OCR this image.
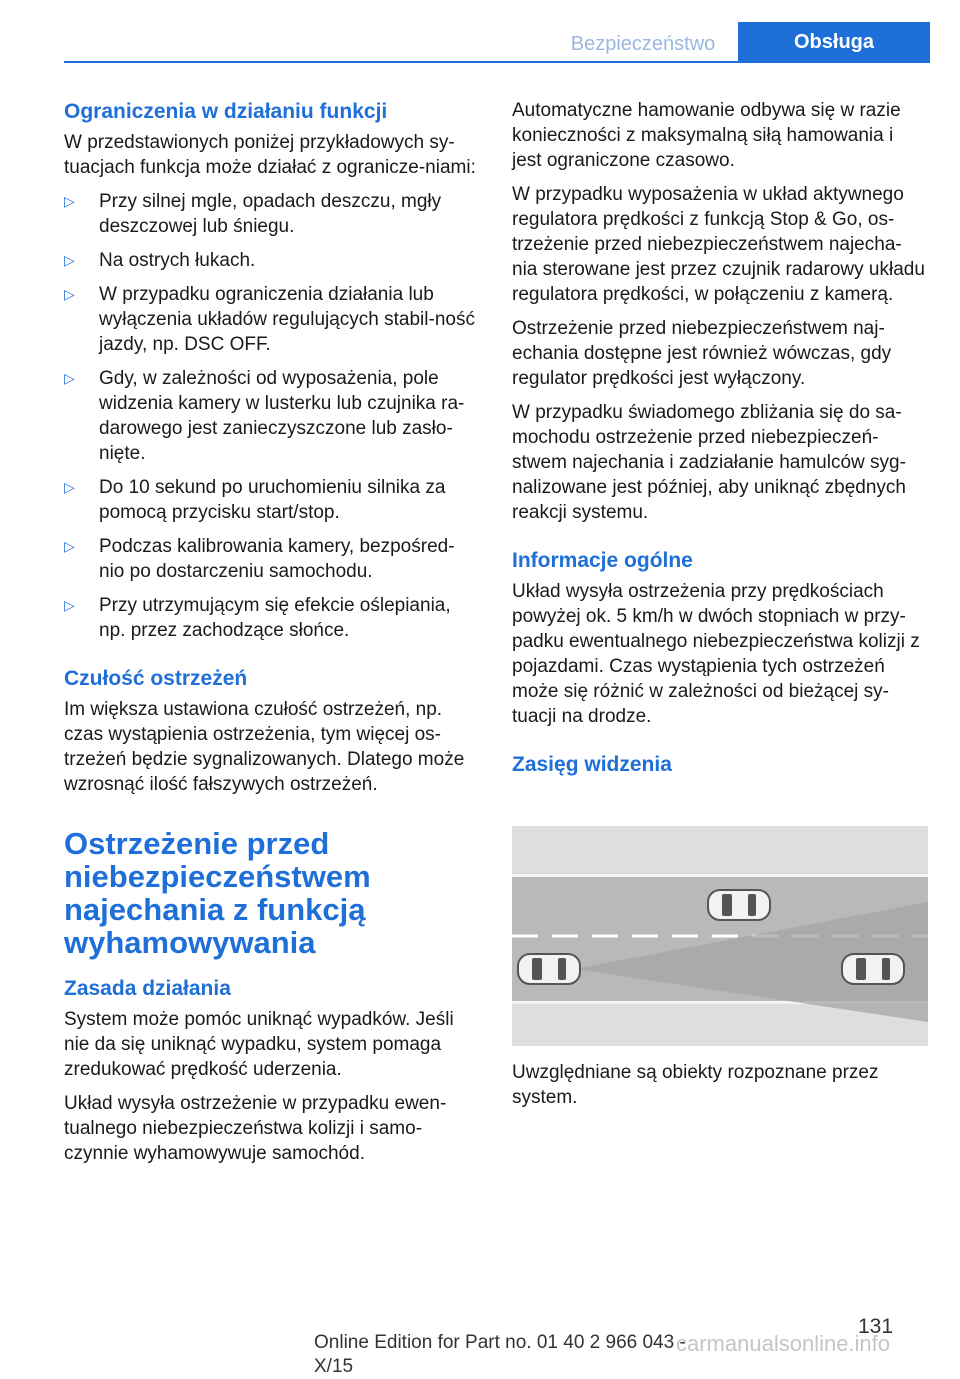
Bezpieczeństwo	Obsługa
Ograniczenia w działaniu funkcji

W przedstawionych poniżej przykładowych sy-tuacjach funkcja może działać z ogranicze-niami:

▷ Przy silnej mgle, opadach deszczu, mgły deszczowej lub śniegu.
▷ Na ostrych łukach.
▷ W przypadku ograniczenia działania lub wyłączenia układów regulujących stabil-ność jazdy, np. DSC OFF.
▷ Gdy, w zależności od wyposażenia, pole widzenia kamery w lusterku lub czujnika ra-darowego jest zanieczyszczone lub zasło-nięte.
▷ Do 10 sekund po uruchomieniu silnika za pomocą przycisku start/stop.
▷ Podczas kalibrowania kamery, bezpośred-nio po dostarczeniu samochodu.
▷ Przy utrzymującym się efekcie oślepiania, np. przez zachodzące słońce.
Czułość ostrzeżeń

Im większa ustawiona czułość ostrzeżeń, np. czas wystąpienia ostrzeżenia, tym więcej os-trzeżeń będzie sygnalizowanych. Dlatego może wzrosnąć ilość fałszywych ostrzeżeń.

Ostrzeżenie przed niebezpieczeństwem najechania z funkcją wyhamowywania
Zasada działania

System może pomóc uniknąć wypadków. Jeśli nie da się uniknąć wypadku, system pomaga zredukować prędkość uderzenia.

Układ wysyła ostrzeżenie w przypadku ewen-tualnego niebezpieczeństwa kolizji i samo-czynnie wyhamowywuje samochód.

Automatyczne hamowanie odbywa się w razie konieczności z maksymalną siłą hamowania i jest ograniczone czasowo.

W przypadku wyposażenia w układ aktywnego regulatora prędkości z funkcją Stop & Go, os-trzeżenie przed niebezpieczeństwem najecha-nia sterowane jest przez czujnik radarowy układu regulatora prędkości, w połączeniu z kamerą.

Ostrzeżenie przed niebezpieczeństwem naj-echania dostępne jest również wówczas, gdy regulator prędkości jest wyłączony.

W przypadku świadomego zbliżania się do sa-mochodu ostrzeżenie przed niebezpieczeń-stwem najechania i zadziałanie hamulców syg-nalizowane jest później, aby uniknąć zbędnych reakcji systemu.

Informacje ogólne

Układ wysyła ostrzeżenia przy prędkościach powyżej ok. 5 km/h w dwóch stopniach w przy-padku ewentualnego niebezpieczeństwa kolizji z pojazdami. Czas wystąpienia tych ostrzeżeń może się różnić w zależności od bieżącej sy-tuacji na drodze.

Zasięg widzenia

Uwzględniane są obiekty rozpoznane przez system.

131
Online Edition for Part no. 01 40 2 966 043 - X/15
carmanualsonline.info
